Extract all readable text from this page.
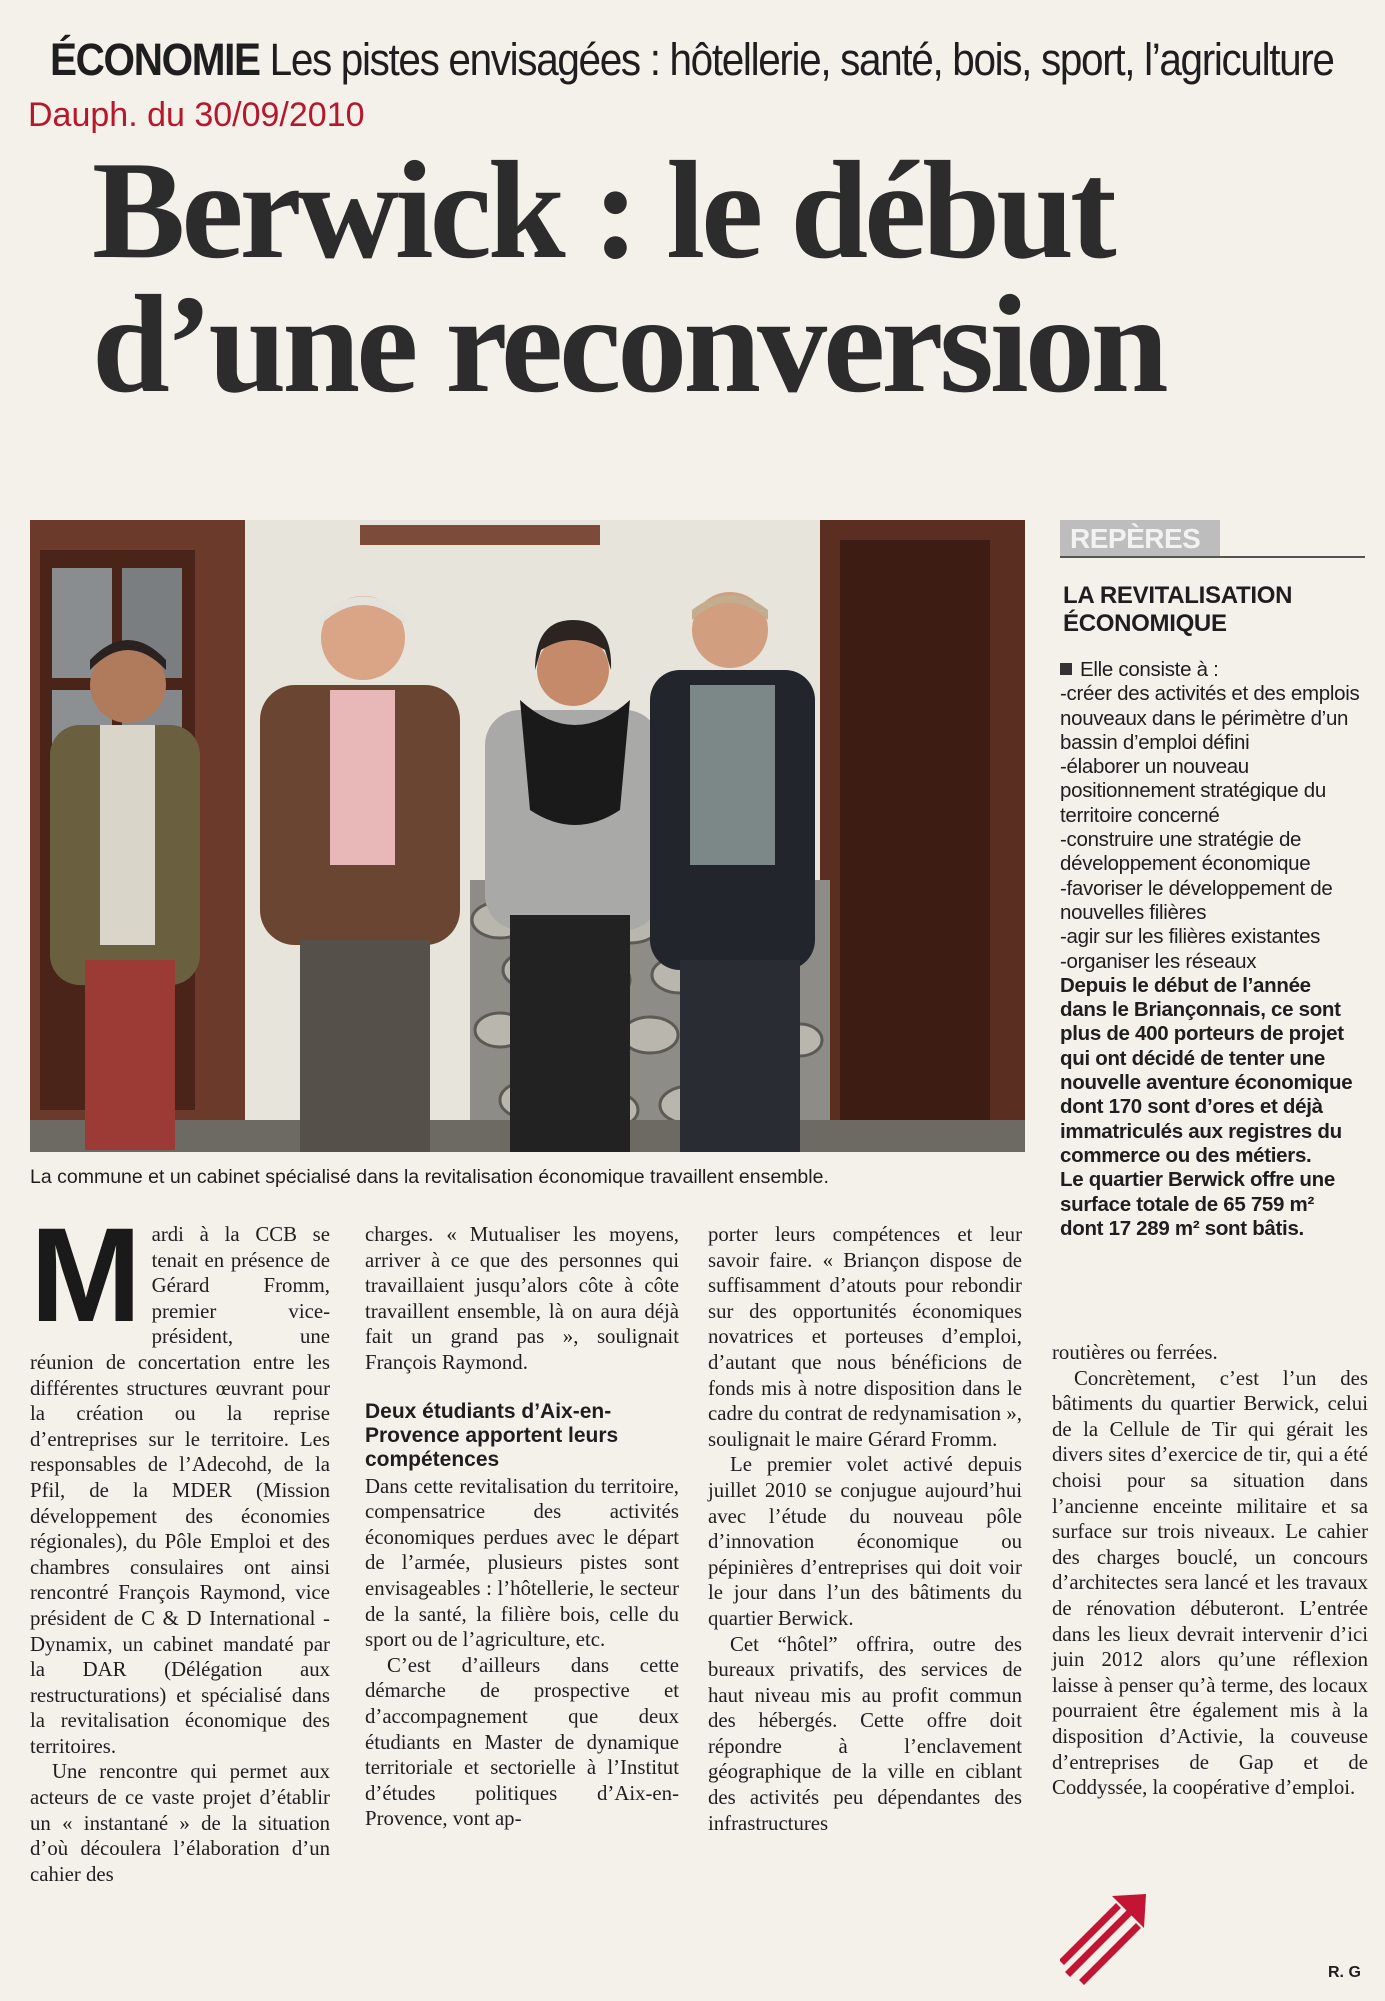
ÉCONOMIE Les pistes envisagées : hôtellerie, santé, bois, sport, l’agriculture
Dauph. du 30/09/2010
Berwick : le début
d’une reconversion
La commune et un cabinet spécialisé dans la revitalisation économique travaillent ensemble.
REPÈRES
LA REVITALISATION
ÉCONOMIQUE

Elle consiste à :

-créer des activités et des emplois nouveaux dans le périmètre d’un bassin d’emploi défini

-élaborer un nouveau positionnement stratégique du territoire concerné

-construire une stratégie de développement économique

-favoriser le développement de nouvelles filières

-agir sur les filières existantes

-organiser les réseaux

Depuis le début de l’année dans le Briançonnais, ce sont plus de 400 porteurs de projet qui ont décidé de tenter une nouvelle aventure économique dont 170 sont d’ores et déjà immatriculés aux registres du commerce ou des métiers.

Le quartier Berwick offre une surface totale de 65 759 m² dont 17 289 m² sont bâtis.

M ardi à la CCB se tenait en présence de Gérard Fromm, premier vice-président, une réunion de concertation entre les différentes structures œuvrant pour la création ou la reprise d’entreprises sur le territoire. Les responsables de l’Adecohd, de la Pfil, de la MDER (Mission développement des économies régionales), du Pôle Emploi et des chambres consulaires ont ainsi rencontré François Raymond, vice président de C & D International - Dynamix, un cabinet mandaté par la DAR (Délégation aux restructurations) et spécialisé dans la revitalisation économique des territoires.

Une rencontre qui permet aux acteurs de ce vaste projet d’établir un « instantané » de la situation d’où découlera l’élaboration d’un cahier des

charges. « Mutualiser les moyens, arriver à ce que des personnes qui travaillaient jusqu’alors côte à côte travaillent ensemble, là on aura déjà fait un grand pas », soulignait François Raymond.

Deux étudiants d’Aix-en-Provence apportent leurs compétences

Dans cette revitalisation du territoire, compensatrice des activités économiques perdues avec le départ de l’armée, plusieurs pistes sont envisageables : l’hôtellerie, le secteur de la santé, la filière bois, celle du sport ou de l’agriculture, etc.

C’est d’ailleurs dans cette démarche de prospective et d’accompagnement que deux étudiants en Master de dynamique territoriale et sectorielle à l’Institut d’études politiques d’Aix-en-Provence, vont ap-

porter leurs compétences et leur savoir faire. « Briançon dispose de suffisamment d’atouts pour rebondir sur des opportunités économiques novatrices et porteuses d’emploi, d’autant que nous bénéficions de fonds mis à notre disposition dans le cadre du contrat de redynamisation », soulignait le maire Gérard Fromm.

Le premier volet activé depuis juillet 2010 se conjugue aujourd’hui avec l’étude du nouveau pôle d’innovation économique ou pépinières d’entreprises qui doit voir le jour dans l’un des bâtiments du quartier Berwick.

Cet “hôtel” offrira, outre des bureaux privatifs, des services de haut niveau mis au profit commun des hébergés. Cette offre doit répondre à l’enclavement géographique de la ville en ciblant des activités peu dépendantes des infrastructures

routières ou ferrées.

Concrètement, c’est l’un des bâtiments du quartier Berwick, celui de la Cellule de Tir qui gérait les divers sites d’exercice de tir, qui a été choisi pour sa situation dans l’ancienne enceinte militaire et sa surface sur trois niveaux. Le cahier des charges bouclé, un concours d’architectes sera lancé et les travaux de rénovation débuteront. L’entrée dans les lieux devrait intervenir d’ici juin 2012 alors qu’une réflexion laisse à penser qu’à terme, des locaux pourraient être également mis à la disposition d’Activie, la couveuse d’entreprises de Gap et de Coddyssée, la coopérative d’emploi.

R. G
